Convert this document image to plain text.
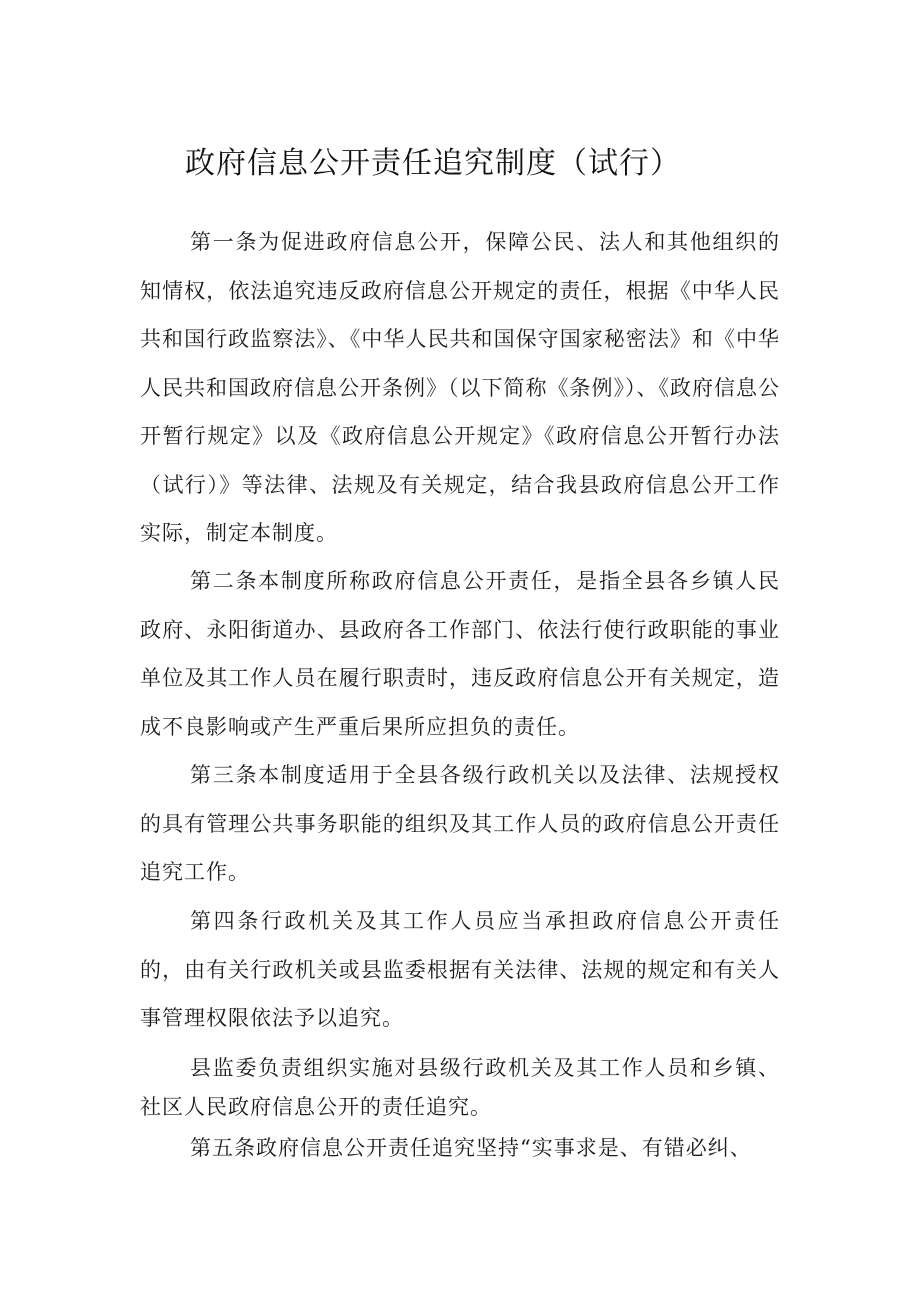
政府信息公开责任追究制度（试行）

第一条为促进政府信息公开，保障公民、法人和其他组织的知情权，依法追究违反政府信息公开规定的责任，根据《中华人民共和国行政监察法》、《中华人民共和国保守国家秘密法》和《中华人民共和国政府信息公开条例》（以下简称《条例》）、《政府信息公开暂行规定》以及《政府信息公开规定》《政府信息公开暂行办法（试行）》等法律、法规及有关规定，结合我县政府信息公开工作实际，制定本制度。

第二条本制度所称政府信息公开责任，是指全县各乡镇人民政府、永阳街道办、县政府各工作部门、依法行使行政职能的事业单位及其工作人员在履行职责时，违反政府信息公开有关规定，造成不良影响或产生严重后果所应担负的责任。

第三条本制度适用于全县各级行政机关以及法律、法规授权的具有管理公共事务职能的组织及其工作人员的政府信息公开责任追究工作。

第四条行政机关及其工作人员应当承担政府信息公开责任的，由有关行政机关或县监委根据有关法律、法规的规定和有关人事管理权限依法予以追究。

县监委负责组织实施对县级行政机关及其工作人员和乡镇、社区人民政府信息公开的责任追究。

第五条政府信息公开责任追究坚持“实事求是、有错必纠、
